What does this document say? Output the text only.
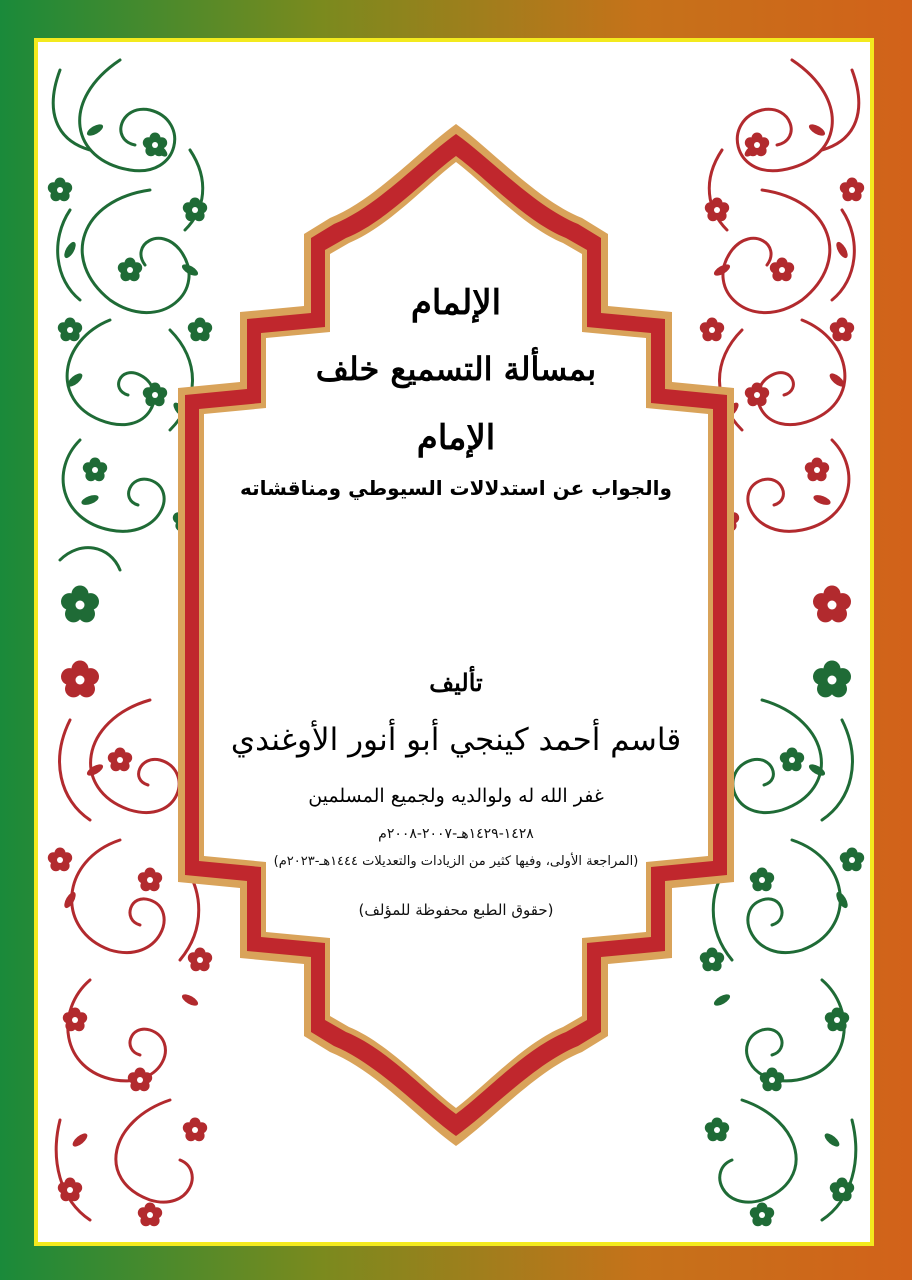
الإلمام
بمسألة التسميع خلف
الإمام
والجواب عن استدلالات السيوطي ومناقشاته
تأليف
قاسم أحمد كينجي أبو أنور الأوغندي
غفر الله له ولوالديه ولجميع المسلمين
١٤٢٨-١٤٢٩هـ-٢٠٠٧-٢٠٠٨م
(المراجعة الأولى، وفيها كثير من الزيادات والتعديلات ١٤٤٤هـ-٢٠٢٣م)
(حقوق الطبع محفوظة للمؤلف)
